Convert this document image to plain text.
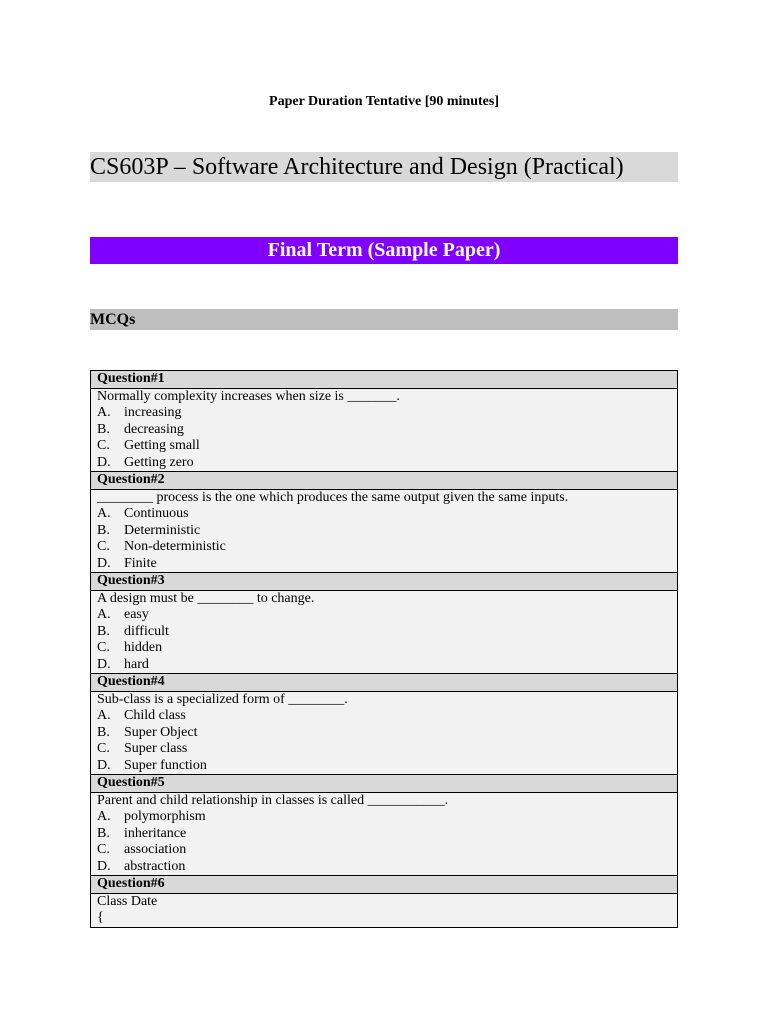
Paper Duration Tentative [90 minutes]
CS603P – Software Architecture and Design (Practical)
Final Term (Sample Paper)
MCQs
Question#1
Normally complexity increases when size is _______.
A. increasing
B.	decreasing
C.	Getting small
D. Getting zero
Question#2
________ process is the one which produces the same output given the same inputs.
A. Continuous
B.	Deterministic
C.	Non-deterministic
D. Finite
Question#3
A design must be ________ to change.
A. easy
B.	difficult
C.	hidden
D. hard
Question#4
Sub-class is a specialized form of ________.
A. Child class
B.	Super Object
C.	Super class
D. Super function
Question#5
Parent and child relationship in classes is called ___________.
A. polymorphism
B.	inheritance
C.	association
D. abstraction
Question#6
Class Date
{
